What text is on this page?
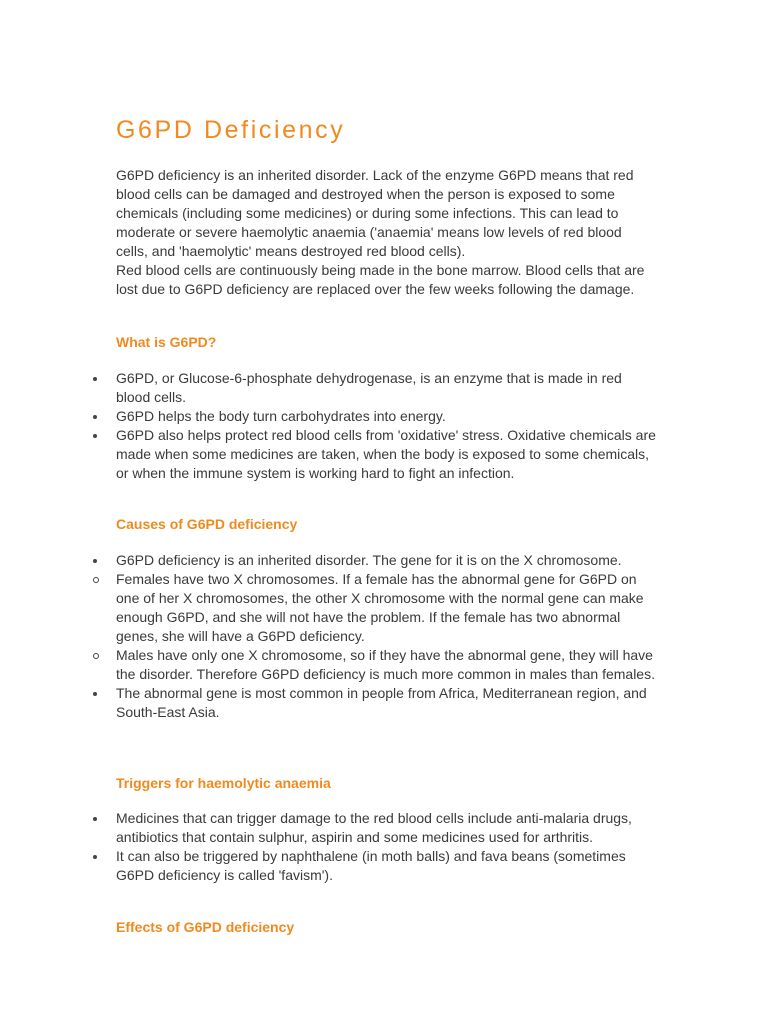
G6PD Deficiency

G6PD deficiency is an inherited disorder. Lack of the enzyme G6PD means that red blood cells can be damaged and destroyed when the person is exposed to some chemicals (including some medicines) or during some infections. This can lead to moderate or severe haemolytic anaemia ('anaemia' means low levels of red blood cells, and 'haemolytic' means destroyed red blood cells).

Red blood cells are continuously being made in the bone marrow. Blood cells that are lost due to G6PD deficiency are replaced over the few weeks following the damage.

What is G6PD?
G6PD, or Glucose-6-phosphate dehydrogenase, is an enzyme that is made in red blood cells.
G6PD helps the body turn carbohydrates into energy.
G6PD also helps protect red blood cells from 'oxidative' stress. Oxidative chemicals are made when some medicines are taken, when the body is exposed to some chemicals, or when the immune system is working hard to fight an infection.
Causes of G6PD deficiency
G6PD deficiency is an inherited disorder. The gene for it is on the X chromosome.
Females have two X chromosomes. If a female has the abnormal gene for G6PD on one of her X chromosomes, the other X chromosome with the normal gene can make enough G6PD, and she will not have the problem. If the female has two abnormal genes, she will have a G6PD deficiency.
Males have only one X chromosome, so if they have the abnormal gene, they will have the disorder. Therefore G6PD deficiency is much more common in males than females.
The abnormal gene is most common in people from Africa, Mediterranean region, and South-East Asia.
Triggers for haemolytic anaemia
Medicines that can trigger damage to the red blood cells include anti-malaria drugs, antibiotics that contain sulphur, aspirin and some medicines used for arthritis.
It can also be triggered by naphthalene (in moth balls) and fava beans (sometimes G6PD deficiency is called 'favism').
Effects of G6PD deficiency
